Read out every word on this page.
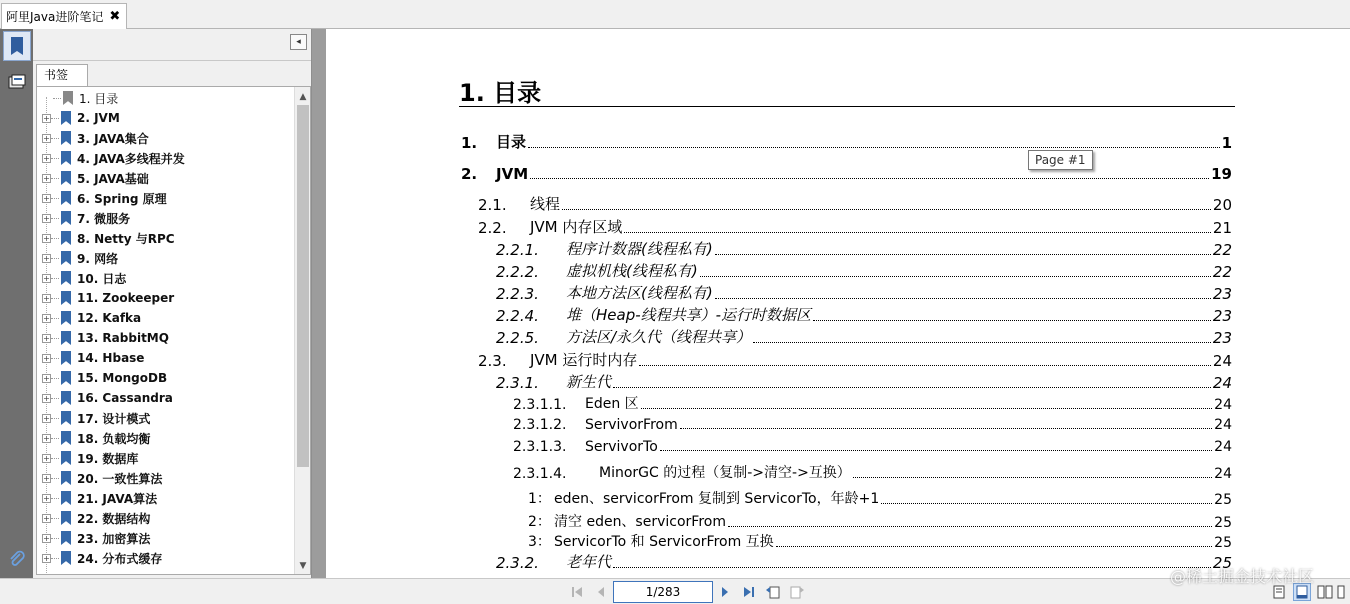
阿里Java进阶笔记 ✖
◂
书签
▲
▼
1. 目录
+ 2. JVM
+ 3. JAVA集合
+ 4. JAVA多线程并发
+ 5. JAVA基础
+ 6. Spring 原理
+ 7. 微服务
+ 8. Netty 与RPC
+ 9. 网络
+ 10. 日志
+ 11. Zookeeper
+ 12. Kafka
+ 13. RabbitMQ
+ 14. Hbase
+ 15. MongoDB
+ 16. Cassandra
+ 17. 设计模式
+ 18. 负载均衡
+ 19. 数据库
+ 20. 一致性算法
+ 21. JAVA算法
+ 22. 数据结构
+ 23. 加密算法
+ 24. 分布式缓存
1. 目录
Page #1
1.	目录	1
2.	JVM	19
2.1.	线程	20
2.2.	JVM 内存区域	21
2.2.1.	程序计数器(线程私有)	22
2.2.2.	虚拟机栈(线程私有)	22
2.2.3.	本地方法区(线程私有)	23
2.2.4.	堆（Heap-线程共享）-运行时数据区	23
2.2.5.	方法区/永久代（线程共享）	23
2.3.	JVM 运行时内存	24
2.3.1.	新生代	24
2.3.1.1.	Eden 区	24
2.3.1.2.	ServivorFrom	24
2.3.1.3.	ServivorTo	24
2.3.1.4.	MinorGC 的过程（复制->清空->互换）	24
1： eden、servicorFrom 复制到 ServicorTo，年龄+1	25
2： 清空 eden、servicorFrom	25
3： ServicorTo 和 ServicorFrom 互换	25
2.3.2.	老年代	25
1/283
@稀土掘金技术社区
